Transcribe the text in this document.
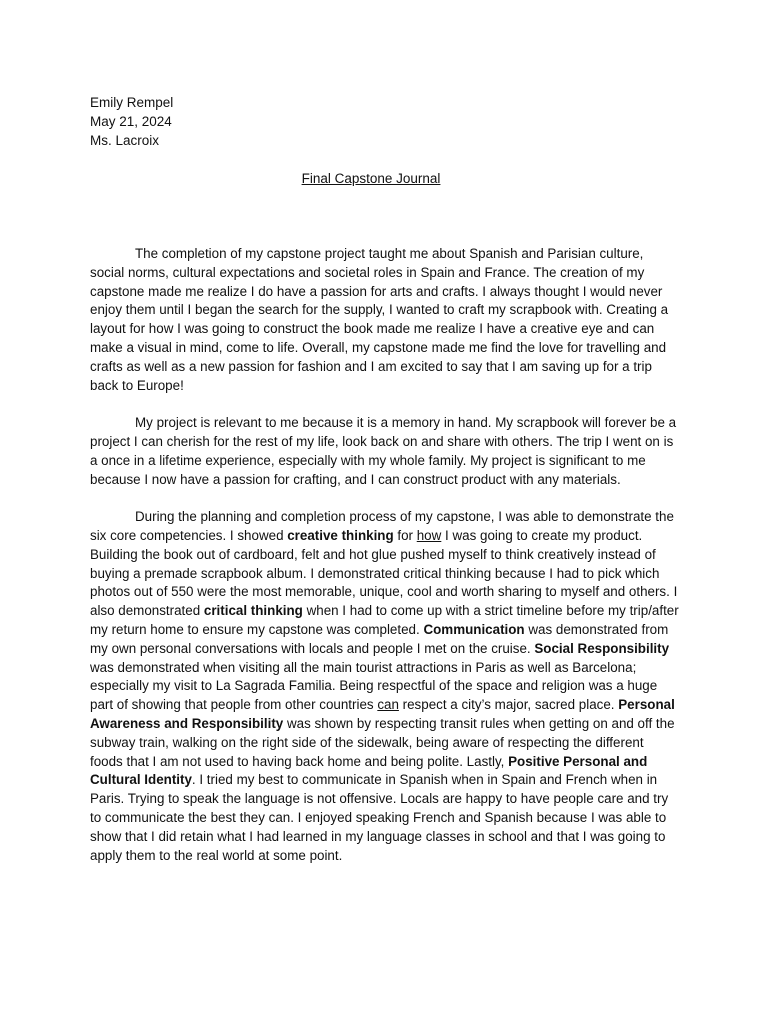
Emily Rempel
May 21, 2024
Ms. Lacroix
Final Capstone Journal

The completion of my capstone project taught me about Spanish and Parisian culture, social norms, cultural expectations and societal roles in Spain and France. The creation of my capstone made me realize I do have a passion for arts and crafts. I always thought I would never enjoy them until I began the search for the supply, I wanted to craft my scrapbook with. Creating a layout for how I was going to construct the book made me realize I have a creative eye and can make a visual in mind, come to life. Overall, my capstone made me find the love for travelling and crafts as well as a new passion for fashion and I am excited to say that I am saving up for a trip back to Europe!

My project is relevant to me because it is a memory in hand. My scrapbook will forever be a project I can cherish for the rest of my life, look back on and share with others. The trip I went on is a once in a lifetime experience, especially with my whole family. My project is significant to me because I now have a passion for crafting, and I can construct product with any materials.

During the planning and completion process of my capstone, I was able to demonstrate the six core competencies. I showed creative thinking for how I was going to create my product. Building the book out of cardboard, felt and hot glue pushed myself to think creatively instead of buying a premade scrapbook album. I demonstrated critical thinking because I had to pick which photos out of 550 were the most memorable, unique, cool and worth sharing to myself and others. I also demonstrated critical thinking when I had to come up with a strict timeline before my trip/after my return home to ensure my capstone was completed. Communication was demonstrated from my own personal conversations with locals and people I met on the cruise. Social Responsibility was demonstrated when visiting all the main tourist attractions in Paris as well as Barcelona; especially my visit to La Sagrada Familia. Being respectful of the space and religion was a huge part of showing that people from other countries can respect a city’s major, sacred place. Personal Awareness and Responsibility was shown by respecting transit rules when getting on and off the subway train, walking on the right side of the sidewalk, being aware of respecting the different foods that I am not used to having back home and being polite. Lastly, Positive Personal and Cultural Identity. I tried my best to communicate in Spanish when in Spain and French when in Paris. Trying to speak the language is not offensive. Locals are happy to have people care and try to communicate the best they can. I enjoyed speaking French and Spanish because I was able to show that I did retain what I had learned in my language classes in school and that I was going to apply them to the real world at some point.
